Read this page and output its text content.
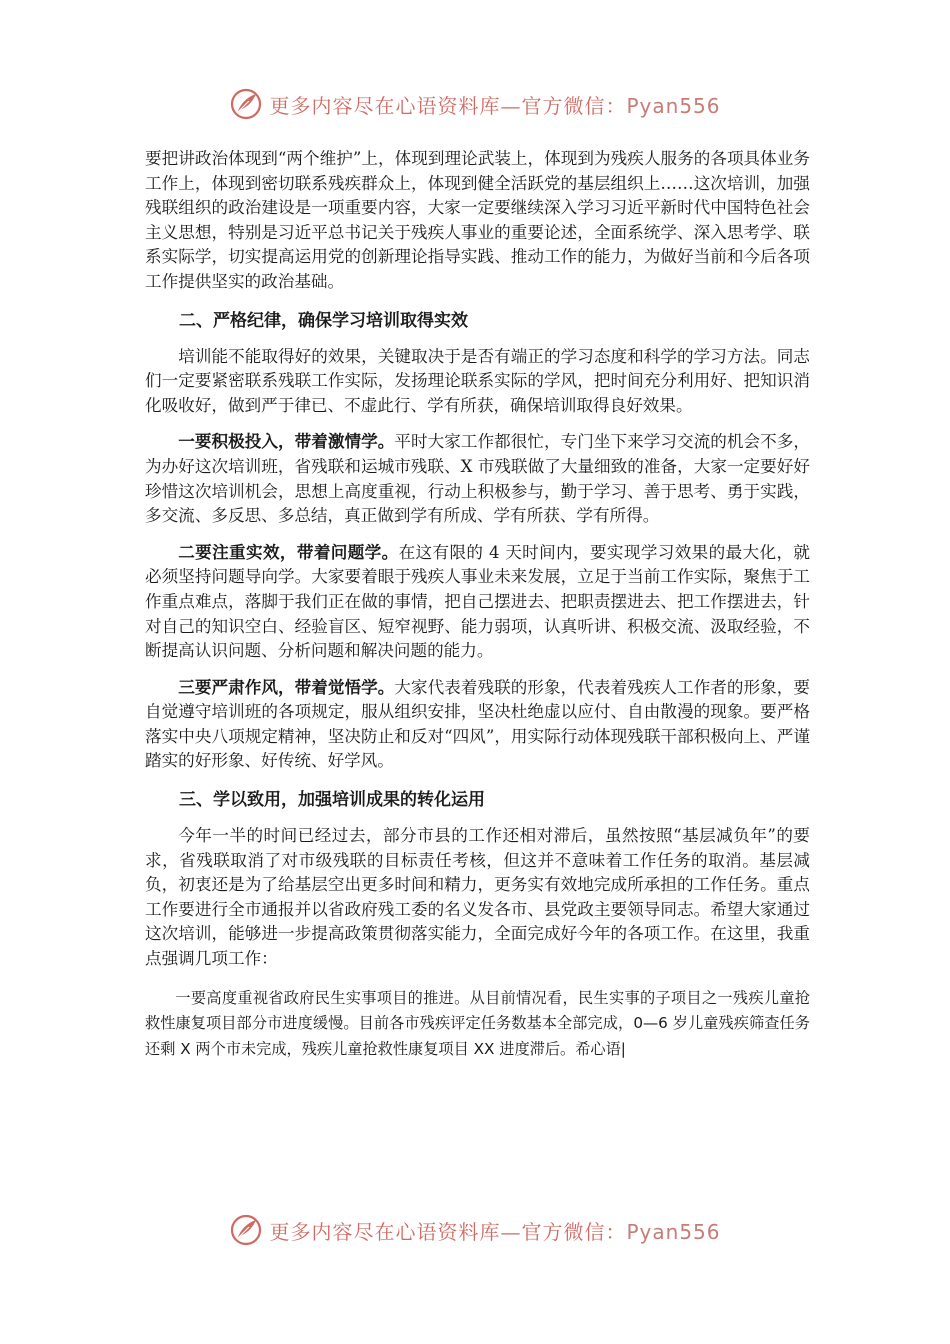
更多内容尽在心语资料库—官方微信：Pyan556

要把讲政治体现到“两个维护”上，体现到理论武装上，体现到为残疾人服务的各项具体业务工作上，体现到密切联系残疾群众上，体现到健全活跃党的基层组织上……这次培训，加强残联组织的政治建设是一项重要内容，大家一定要继续深入学习习近平新时代中国特色社会主义思想，特别是习近平总书记关于残疾人事业的重要论述，全面系统学、深入思考学、联系实际学，切实提高运用党的创新理论指导实践、推动工作的能力，为做好当前和今后各项工作提供坚实的政治基础。

二、严格纪律，确保学习培训取得实效

培训能不能取得好的效果，关键取决于是否有端正的学习态度和科学的学习方法。同志们一定要紧密联系残联工作实际，发扬理论联系实际的学风，把时间充分利用好、把知识消化吸收好，做到严于律已、不虚此行、学有所获，确保培训取得良好效果。

一要积极投入，带着激情学。平时大家工作都很忙，专门坐下来学习交流的机会不多，为办好这次培训班，省残联和运城市残联、X 市残联做了大量细致的准备，大家一定要好好珍惜这次培训机会，思想上高度重视，行动上积极参与，勤于学习、善于思考、勇于实践，多交流、多反思、多总结，真正做到学有所成、学有所获、学有所得。

二要注重实效，带着问题学。在这有限的 4 天时间内，要实现学习效果的最大化，就必须坚持问题导向学。大家要着眼于残疾人事业未来发展，立足于当前工作实际，聚焦于工作重点难点，落脚于我们正在做的事情，把自己摆进去、把职责摆进去、把工作摆进去，针对自己的知识空白、经验盲区、短窄视野、能力弱项，认真听讲、积极交流、汲取经验，不断提高认识问题、分析问题和解决问题的能力。

三要严肃作风，带着觉悟学。大家代表着残联的形象，代表着残疾人工作者的形象，要自觉遵守培训班的各项规定，服从组织安排，坚决杜绝虚以应付、自由散漫的现象。要严格落实中央八项规定精神，坚决防止和反对“四风”，用实际行动体现残联干部积极向上、严谨踏实的好形象、好传统、好学风。

三、学以致用，加强培训成果的转化运用

今年一半的时间已经过去，部分市县的工作还相对滞后，虽然按照“基层减负年”的要求，省残联取消了对市级残联的目标责任考核，但这并不意味着工作任务的取消。基层减负，初衷还是为了给基层空出更多时间和精力，更务实有效地完成所承担的工作任务。重点工作要进行全市通报并以省政府残工委的名义发各市、县党政主要领导同志。希望大家通过这次培训，能够进一步提高政策贯彻落实能力，全面完成好今年的各项工作。在这里，我重点强调几项工作：

一要高度重视省政府民生实事项目的推进。从目前情况看，民生实事的子项目之一残疾儿童抢救性康复项目部分市进度缓慢。目前各市残疾评定任务数基本全部完成，0—6 岁儿童残疾筛查任务还剩 X 两个市未完成，残疾儿童抢救性康复项目 XX 进度滞后。希心语|

更多内容尽在心语资料库—官方微信：Pyan556
